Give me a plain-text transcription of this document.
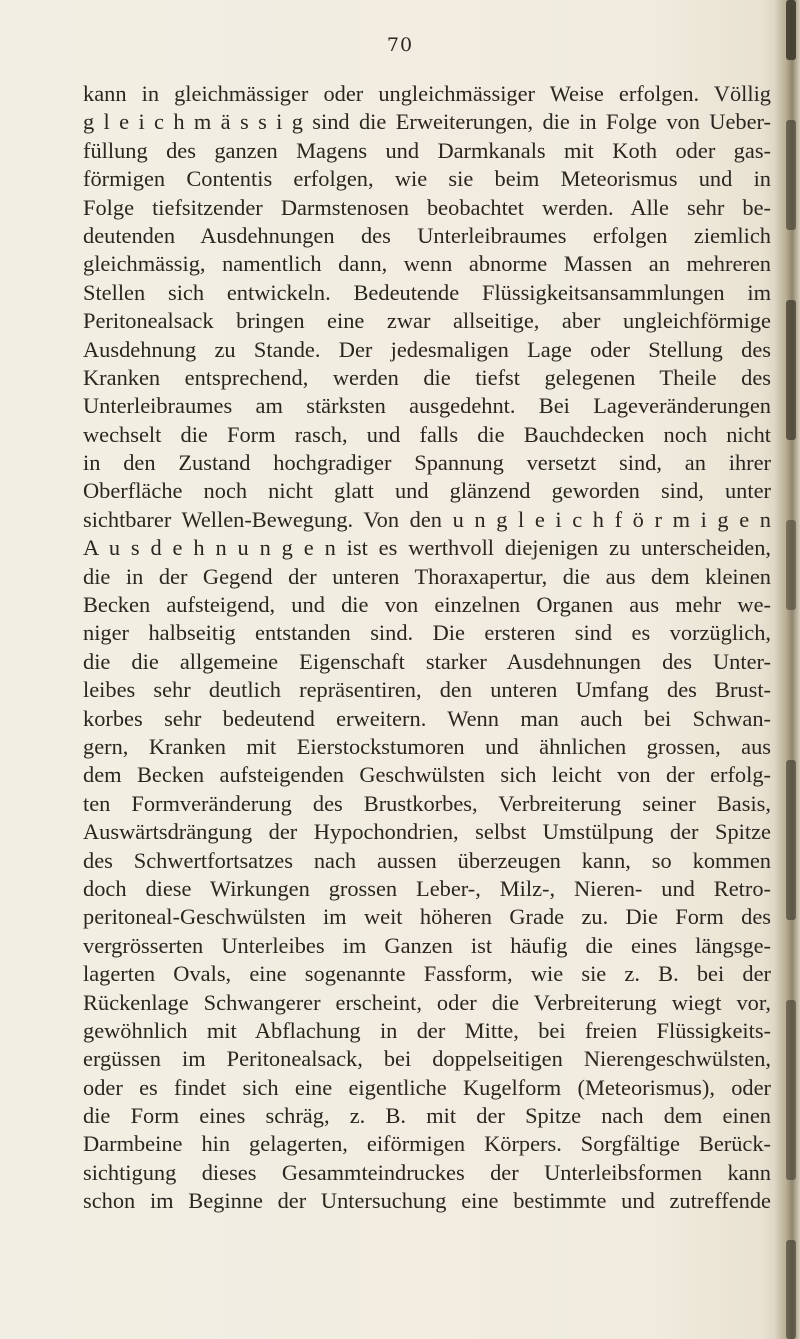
70
kann in gleichmässiger oder ungleichmässiger Weise erfolgen. Völlig
g l e i c h m ä s s i g sind die Erweiterungen, die in Folge von Ueber-
füllung des ganzen Magens und Darmkanals mit Koth oder gas-
förmigen Contentis erfolgen, wie sie beim Meteorismus und in
Folge tiefsitzender Darmstenosen beobachtet werden. Alle sehr be-
deutenden Ausdehnungen des Unterleibraumes erfolgen ziemlich
gleichmässig, namentlich dann, wenn abnorme Massen an mehreren
Stellen sich entwickeln. Bedeutende Flüssigkeitsansammlungen im
Peritonealsack bringen eine zwar allseitige, aber ungleichförmige
Ausdehnung zu Stande. Der jedesmaligen Lage oder Stellung des
Kranken entsprechend, werden die tiefst gelegenen Theile des
Unterleibraumes am stärksten ausgedehnt. Bei Lageveränderungen
wechselt die Form rasch, und falls die Bauchdecken noch nicht
in den Zustand hochgradiger Spannung versetzt sind, an ihrer
Oberfläche noch nicht glatt und glänzend geworden sind, unter
sichtbarer Wellen-Bewegung. Von den u n g l e i c h f ö r m i g e n
A u s d e h n u n g e n ist es werthvoll diejenigen zu unterscheiden,
die in der Gegend der unteren Thoraxapertur, die aus dem kleinen
Becken aufsteigend, und die von einzelnen Organen aus mehr we-
niger halbseitig entstanden sind. Die ersteren sind es vorzüglich,
die die allgemeine Eigenschaft starker Ausdehnungen des Unter-
leibes sehr deutlich repräsentiren, den unteren Umfang des Brust-
korbes sehr bedeutend erweitern. Wenn man auch bei Schwan-
gern, Kranken mit Eierstockstumoren und ähnlichen grossen, aus
dem Becken aufsteigenden Geschwülsten sich leicht von der erfolg-
ten Formveränderung des Brustkorbes, Verbreiterung seiner Basis,
Auswärtsdrängung der Hypochondrien, selbst Umstülpung der Spitze
des Schwertfortsatzes nach aussen überzeugen kann, so kommen
doch diese Wirkungen grossen Leber-, Milz-, Nieren- und Retro-
peritoneal-Geschwülsten im weit höheren Grade zu. Die Form des
vergrösserten Unterleibes im Ganzen ist häufig die eines längsge-
lagerten Ovals, eine sogenannte Fassform, wie sie z. B. bei der
Rückenlage Schwangerer erscheint, oder die Verbreiterung wiegt vor,
gewöhnlich mit Abflachung in der Mitte, bei freien Flüssigkeits-
ergüssen im Peritonealsack, bei doppelseitigen Nierengeschwülsten,
oder es findet sich eine eigentliche Kugelform (Meteorismus), oder
die Form eines schräg, z. B. mit der Spitze nach dem einen
Darmbeine hin gelagerten, eiförmigen Körpers. Sorgfältige Berück-
sichtigung dieses Gesammteindruckes der Unterleibsformen kann
schon im Beginne der Untersuchung eine bestimmte und zutreffende
